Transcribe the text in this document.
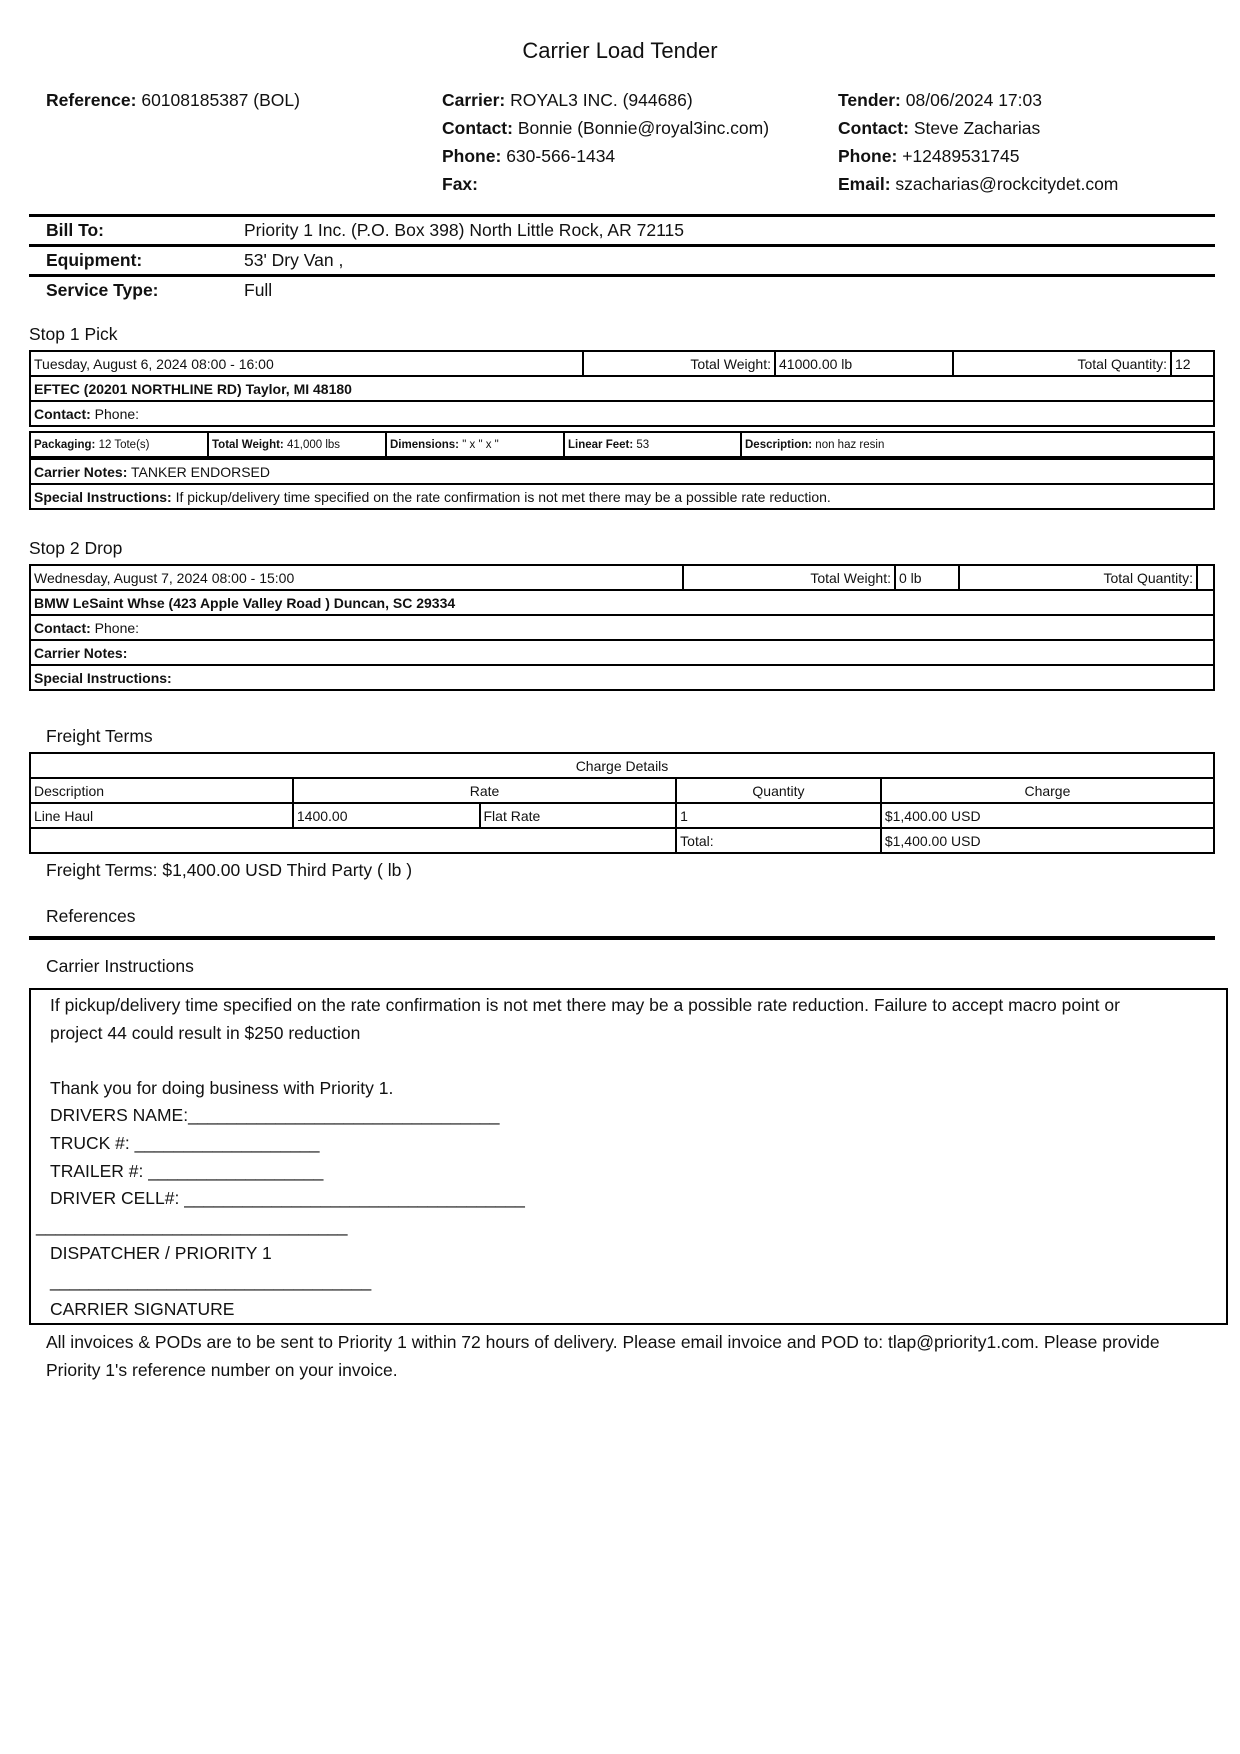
Carrier Load Tender
Reference: 60108185387 (BOL)	Carrier: ROYAL3 INC. (944686)
Contact: Bonnie (Bonnie@royal3inc.com)
Phone: 630-566-1434
Fax:
Tender: 08/06/2024 17:03
Contact: Steve Zacharias
Phone: +12489531745
Email: szacharias@rockcitydet.com
Bill To:	Priority 1 Inc. (P.O. Box 398) North Little Rock, AR 72115
Equipment:	53' Dry Van ,
Service Type:	Full
Stop 1 Pick
Tuesday, August 6, 2024 08:00 - 16:00	Total Weight:	41000.00 lb	Total Quantity:	12
EFTEC (20201 NORTHLINE RD) Taylor, MI 48180
Contact: Phone:
Packaging: 12 Tote(s)	Total Weight: 41,000 lbs	Dimensions: " x " x "	Linear Feet: 53	Description: non haz resin
Carrier Notes: TANKER ENDORSED
Special Instructions: If pickup/delivery time specified on the rate confirmation is not met there may be a possible rate reduction.
Stop 2 Drop
Wednesday, August 7, 2024 08:00 - 15:00	Total Weight:	0 lb	Total Quantity:	
BMW LeSaint Whse (423 Apple Valley Road ) Duncan, SC 29334
Contact: Phone:
Carrier Notes:
Special Instructions:
Freight Terms
Charge Details				
Description	Rate		Quantity	Charge
Line Haul	1400.00	Flat Rate	1	$1,400.00 USD
			Total:	$1,400.00 USD
Freight Terms: $1,400.00 USD Third Party ( lb )
References
Carrier Instructions
If pickup/delivery time specified on the rate confirmation is not met there may be a possible rate reduction. Failure to accept macro point or
project 44 could result in $250 reduction

Thank you for doing business with Priority 1.
DRIVERS NAME:________________________________
TRUCK #: ___________________
TRAILER #: __________________
DRIVER CELL#: ___________________________________
________________________________
DISPATCHER / PRIORITY 1
_________________________________
CARRIER SIGNATURE
All invoices & PODs are to be sent to Priority 1 within 72 hours of delivery. Please email invoice and POD to: tlap@priority1.com. Please provide Priority 1's reference number on your invoice.
